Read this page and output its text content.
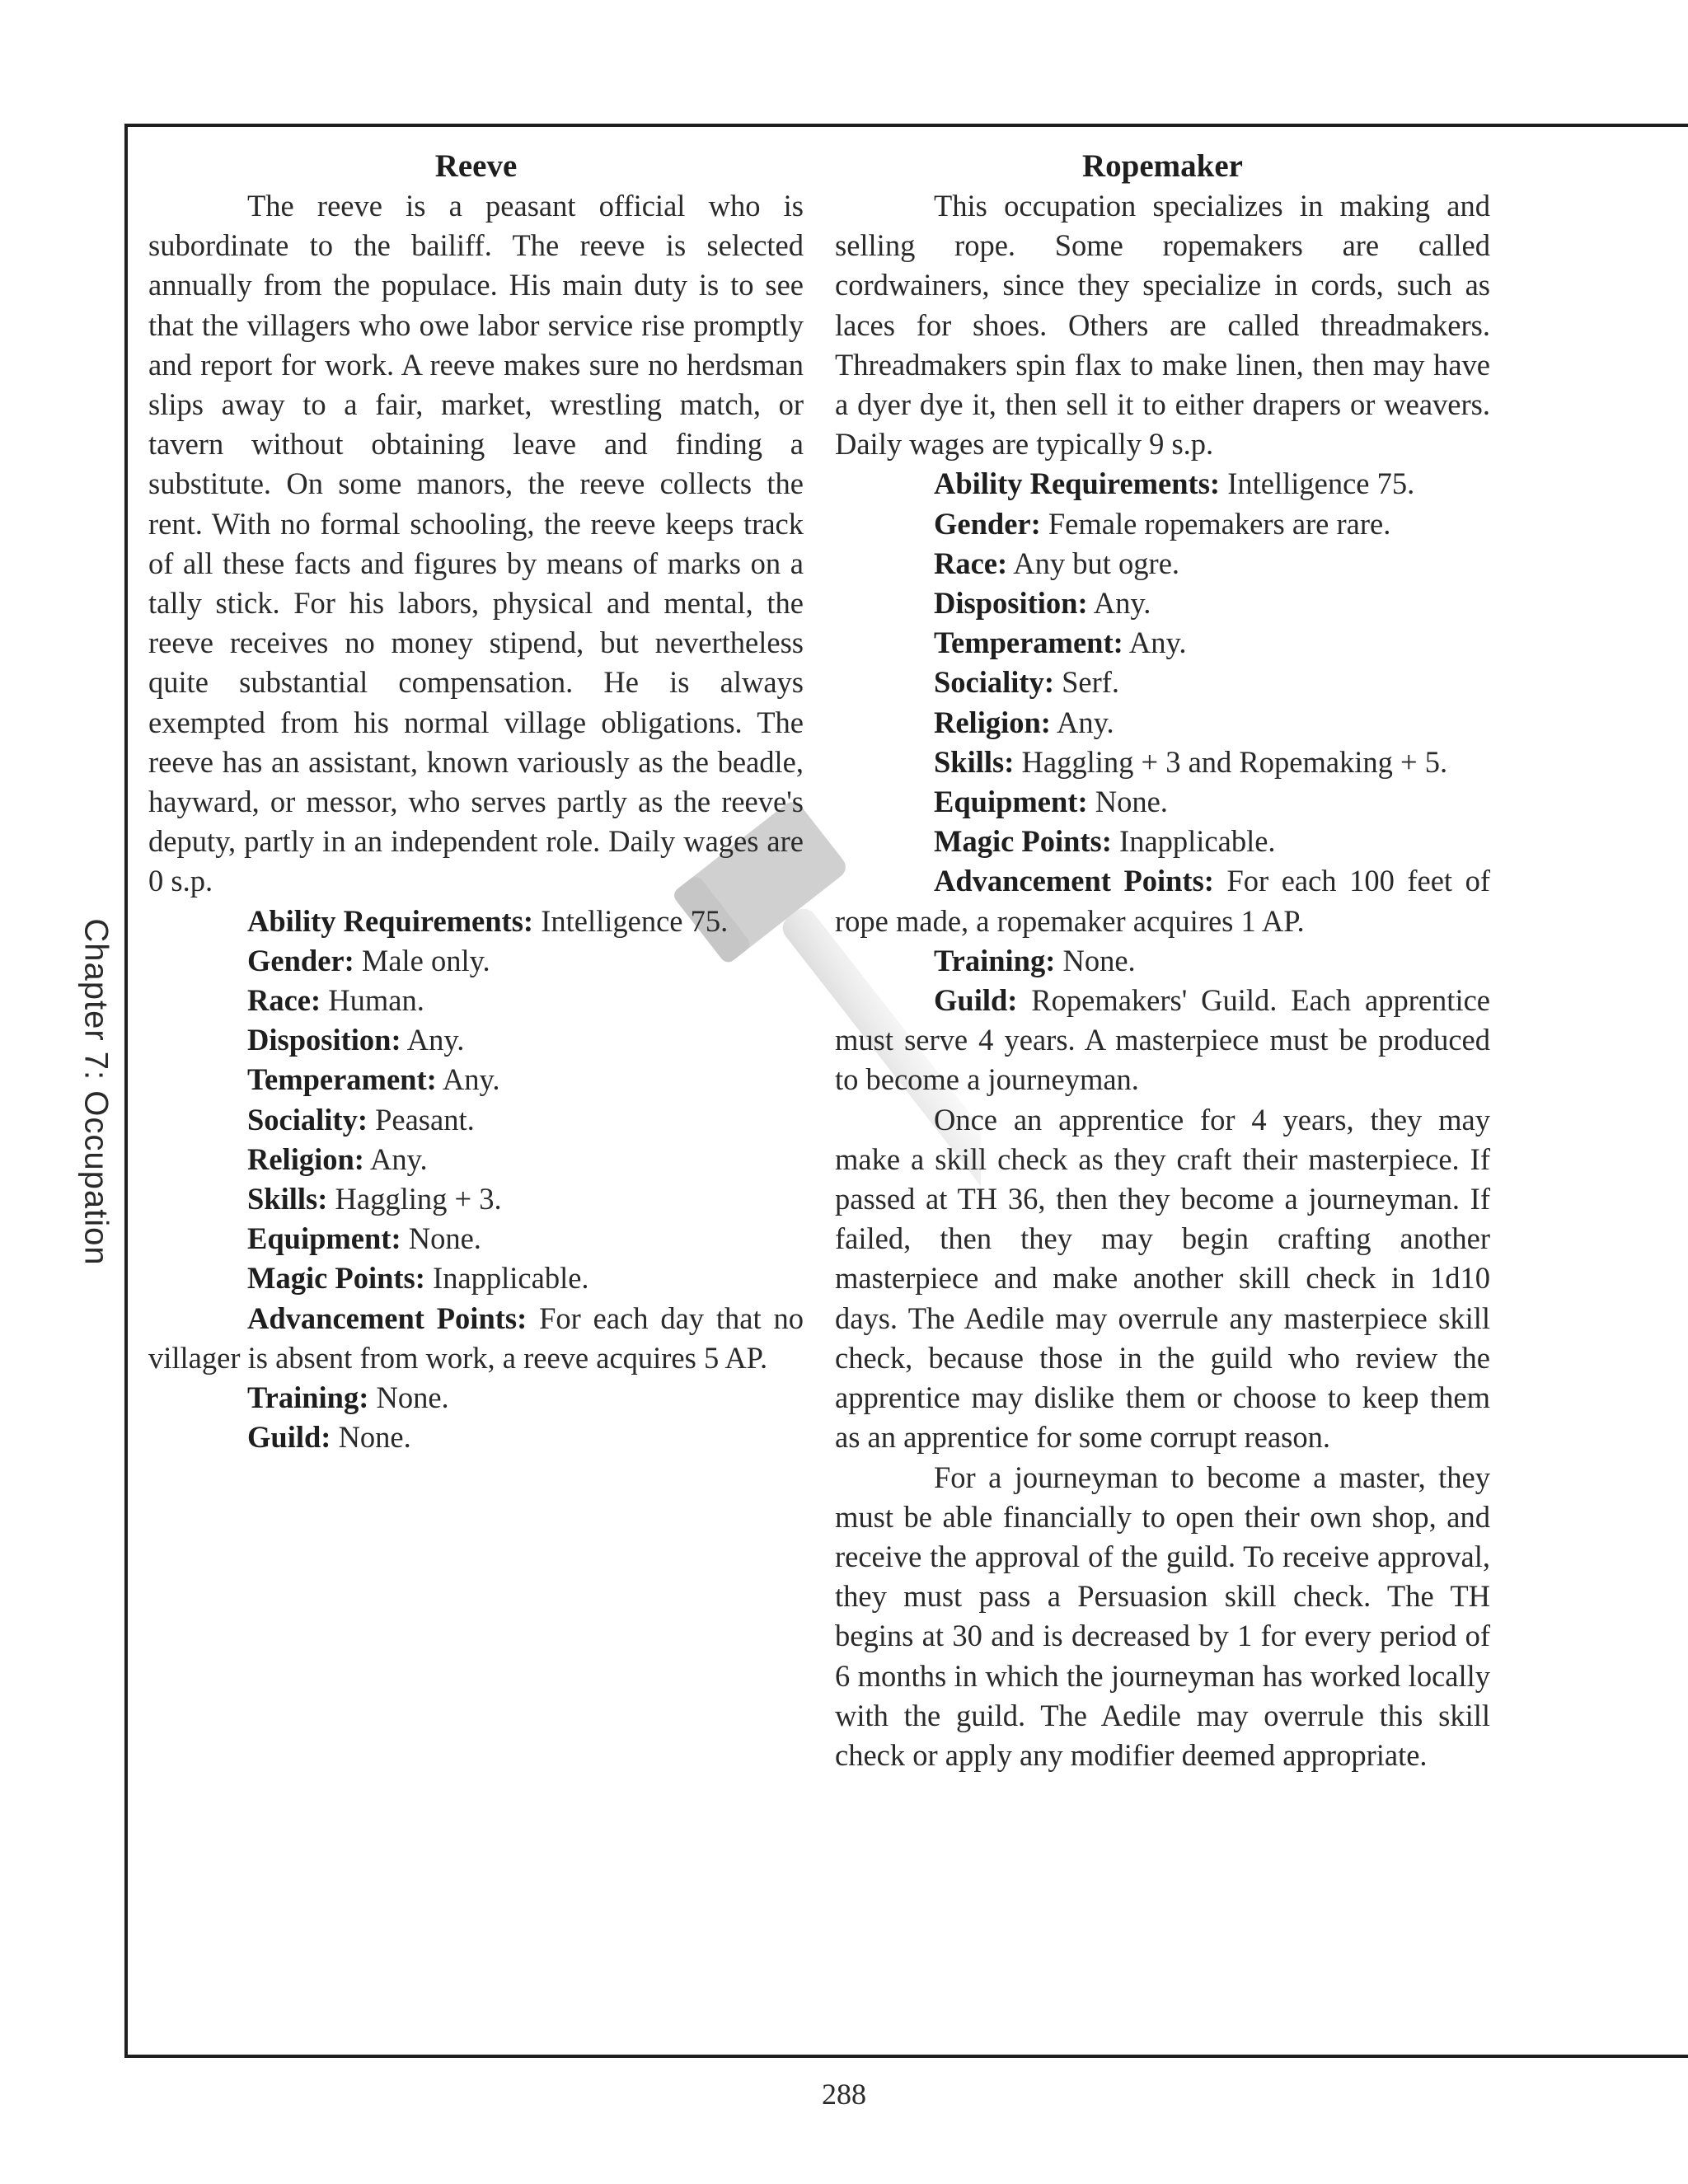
Chapter 7: Occupation
Reeve

The reeve is a peasant official who is subordinate to the bailiff. The reeve is selected annually from the populace. His main duty is to see that the villagers who owe labor service rise promptly and report for work. A reeve makes sure no herdsman slips away to a fair, market, wrestling match, or tavern without obtaining leave and finding a substitute. On some manors, the reeve collects the rent. With no formal schooling, the reeve keeps track of all these facts and figures by means of marks on a tally stick. For his labors, physical and mental, the reeve receives no money stipend, but nevertheless quite substantial compensation. He is always exempted from his normal village obligations. The reeve has an assistant, known variously as the beadle, hayward, or messor, who serves partly as the reeve's deputy, partly in an independent role. Daily wages are 0 s.p.

Ability Requirements: Intelligence 75.

Gender: Male only.

Race: Human.

Disposition: Any.

Temperament: Any.

Sociality: Peasant.

Religion: Any.

Skills: Haggling + 3.

Equipment: None.

Magic Points: Inapplicable.

Advancement Points: For each day that no villager is absent from work, a reeve acquires 5 AP.

Training: None.

Guild: None.

Ropemaker

This occupation specializes in making and selling rope. Some ropemakers are called cordwainers, since they specialize in cords, such as laces for shoes. Others are called threadmakers. Threadmakers spin flax to make linen, then may have a dyer dye it, then sell it to either drapers or weavers. Daily wages are typically 9 s.p.

Ability Requirements: Intelligence 75.

Gender: Female ropemakers are rare.

Race: Any but ogre.

Disposition: Any.

Temperament: Any.

Sociality: Serf.

Religion: Any.

Skills: Haggling + 3 and Ropemaking + 5.

Equipment: None.

Magic Points: Inapplicable.

Advancement Points: For each 100 feet of rope made, a ropemaker acquires 1 AP.

Training: None.

Guild: Ropemakers' Guild. Each apprentice must serve 4 years. A masterpiece must be produced to become a journeyman.

Once an apprentice for 4 years, they may make a skill check as they craft their masterpiece. If passed at TH 36, then they become a journeyman. If failed, then they may begin crafting another masterpiece and make another skill check in 1d10 days. The Aedile may overrule any masterpiece skill check, because those in the guild who review the apprentice may dislike them or choose to keep them as an apprentice for some corrupt reason.

For a journeyman to become a master, they must be able financially to open their own shop, and receive the approval of the guild. To receive approval, they must pass a Persuasion skill check. The TH begins at 30 and is decreased by 1 for every period of 6 months in which the journeyman has worked locally with the guild. The Aedile may overrule this skill check or apply any modifier deemed appropriate.

288
